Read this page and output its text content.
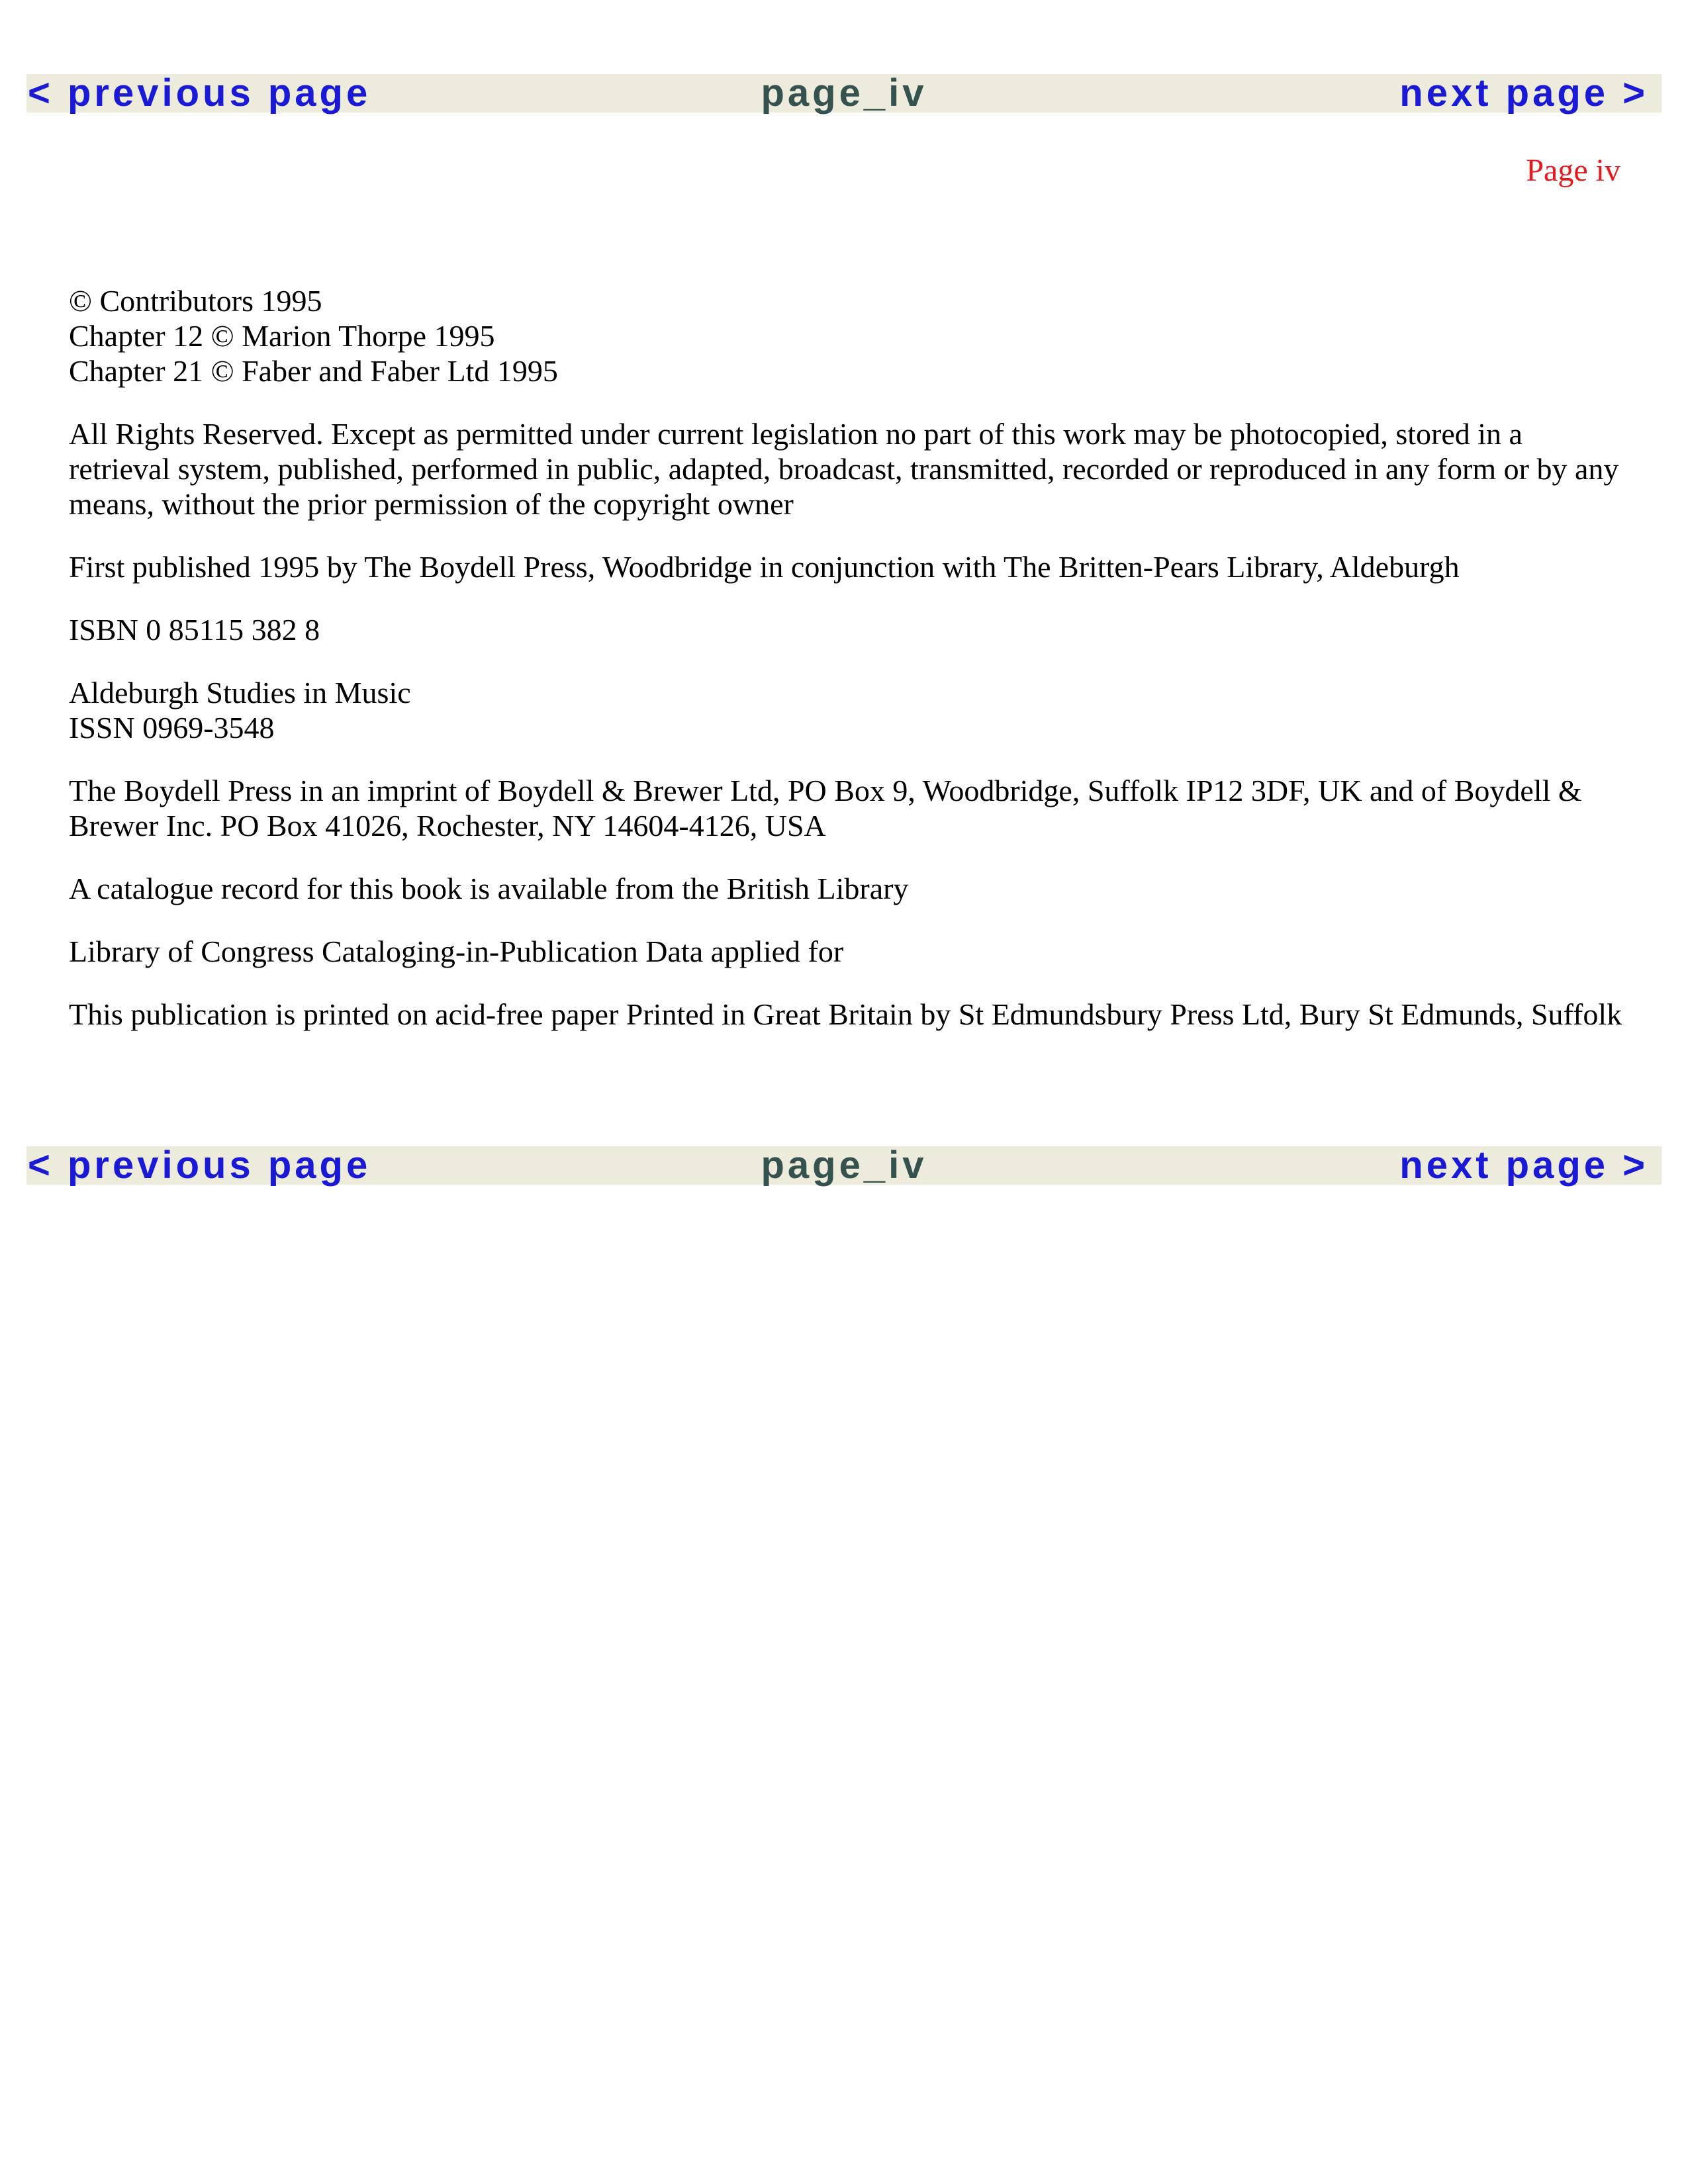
< previous page	page_iv	next page >
Page iv

© Contributors 1995
Chapter 12 © Marion Thorpe 1995
Chapter 21 © Faber and Faber Ltd 1995

All Rights Reserved. Except as permitted under current legislation no part of this work may be photocopied, stored in a retrieval system, published, performed in public, adapted, broadcast, transmitted, recorded or reproduced in any form or by any means, without the prior permission of the copyright owner

First published 1995 by The Boydell Press, Woodbridge in conjunction with The Britten-Pears Library, Aldeburgh

ISBN 0 85115 382 8

Aldeburgh Studies in Music
ISSN 0969-3548

The Boydell Press in an imprint of Boydell & Brewer Ltd, PO Box 9, Woodbridge, Suffolk IP12 3DF, UK and of Boydell & Brewer Inc. PO Box 41026, Rochester, NY 14604-4126, USA

A catalogue record for this book is available from the British Library

Library of Congress Cataloging-in-Publication Data applied for

This publication is printed on acid-free paper Printed in Great Britain by St Edmundsbury Press Ltd, Bury St Edmunds, Suffolk

< previous page	page_iv	next page >
